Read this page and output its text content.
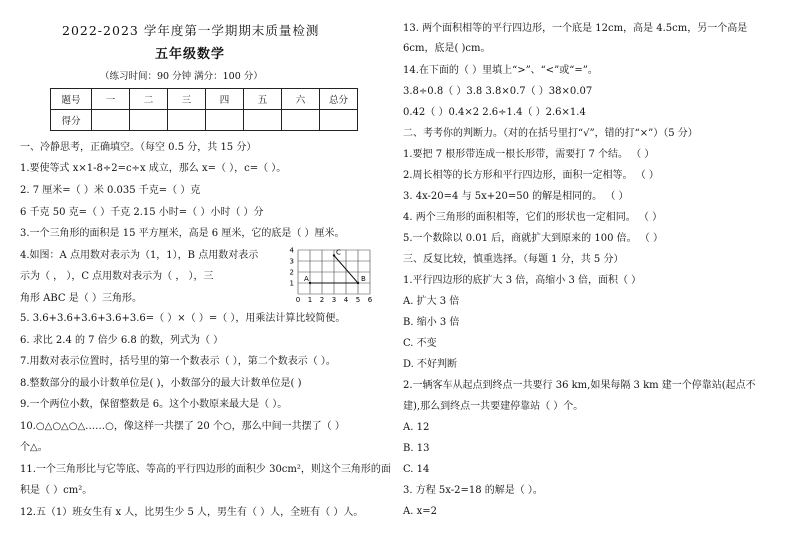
2022-2023 学年度第一学期期末质量检测
五年级数学
（练习时间：90 分钟 满分：100 分）
题号	一	二	三	四	五	六	总分
得分							
一、冷静思考，正确填空。（每空 0.5 分，共 15 分）
1.要使等式 x×1-8÷2=c÷x 成立，那么 x=（ ），c=（ ）。
2. 7 厘米=（ ）米 0.035 千克=（ ）克
6 千克 50 克=（ ）千克 2.15 小时=（ ）小时（ ）分
3.一个三角形的面积是 15 平方厘米，高是 6 厘米，它的底是（ ）厘米。
4.如图：A 点用数对表示为（1，1），B 点用数对表示
示为（ ， ），C 点用数对表示为（ ， ），三
角形 ABC 是（ ）三角形。
5. 3.6+3.6+3.6+3.6+3.6=（ ）×（ ）=（ ），用乘法计算比较简便。
6. 求比 2.4 的 7 倍少 6.8 的数，列式为（ ）
7.用数对表示位置时，括号里的第一个数表示（ ），第二个数表示（ ）。
8.整数部分的最小计数单位是( )，小数部分的最大计数单位是( )
9.一个两位小数，保留整数是 6。这个小数原来最大是（ ）。
10.○△○△○△……○，像这样一共摆了 20 个○，那么中间一共摆了（ ）
个△。
11.一个三角形比与它等底、等高的平行四边形的面积少 30cm²，则这个三角形的面
积是（ ）cm²。
12.五（1）班女生有 x 人，比男生少 5 人，男生有（ ）人，全班有（ ）人。
0 1 2 3 4 5 6
1
2
3
4
A	B
C
13. 两个面积相等的平行四边形，一个底是 12cm，高是 4.5cm，另一个高是
6cm，底是( )cm。
14.在下面的（ ）里填上“>”、“<”或“=”。
3.8÷0.8（ ）3.8 3.8×0.7（ ）38×0.07
0.42（ ）0.4×2 2.6÷1.4（ ）2.6×1.4
二、考考你的判断力。（对的在括号里打“√”，错的打“×”）（5 分）
1.要把 7 根形带连成一根长形带，需要打 7 个结。 （ ）
2.周长相等的长方形和平行四边形，面积一定相等。 （ ）
3. 4x-20=4 与 5x+20=50 的解是相同的。 （ ）
4. 两个三角形的面积相等，它们的形状也一定相同。 （ ）
5.一个数除以 0.01 后，商就扩大到原来的 100 倍。 （ ）
三、反复比较，慎重选择。（每题 1 分，共 5 分）
1.平行四边形的底扩大 3 倍，高缩小 3 倍，面积（ ）
A. 扩大 3 倍
B. 缩小 3 倍
C. 不变
D. 不好判断
2.一辆客车从起点到终点一共要行 36 km,如果每隔 3 km 建一个停靠站(起点不
建),那么到终点一共要建停靠站（ ）个。
A. 12
B. 13
C. 14
3. 方程 5x-2=18 的解是（ ）。
A. x=2
